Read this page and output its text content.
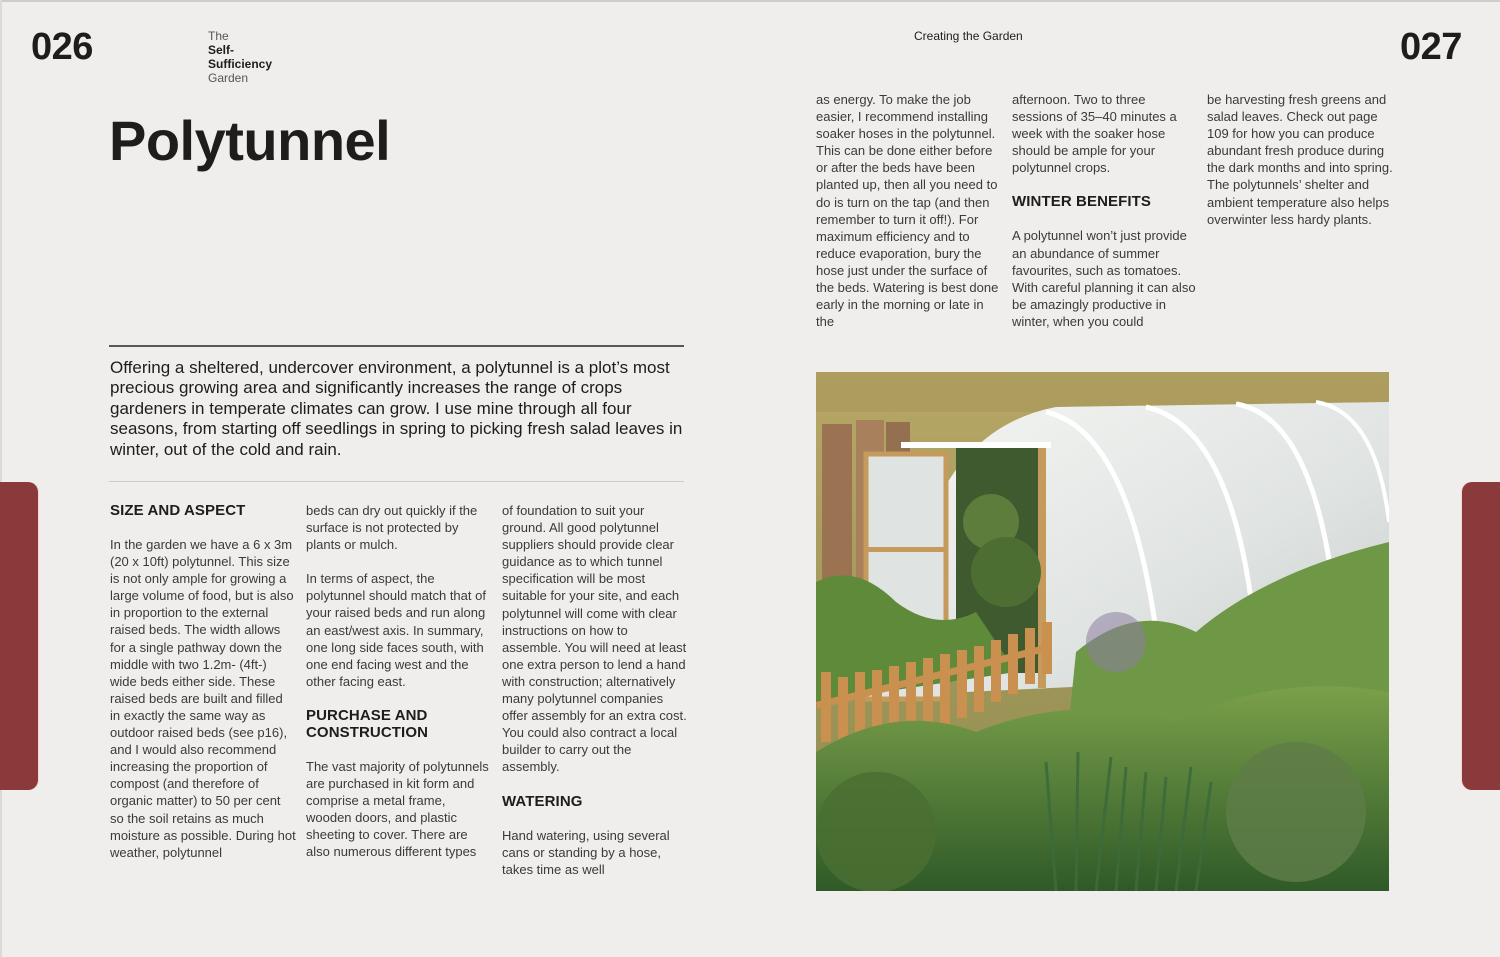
026	The
Self-
Sufficiency
Garden
Polytunnel

Offering a sheltered, undercover environment, a polytunnel is a plot’s most precious growing area and significantly increases the range of crops gardeners in temperate climates can grow. I use mine through all four seasons, from starting off seedlings in spring to picking fresh salad leaves in winter, out of the cold and rain.

SIZE AND ASPECT

In the garden we have a 6 x 3m (20 x 10ft) polytunnel. This size is not only ample for growing a large volume of food, but is also in proportion to the external raised beds. The width allows for a single pathway down the middle with two 1.2m- (4ft-) wide beds either side. These raised beds are built and filled in exactly the same way as outdoor raised beds (see p16), and I would also recommend increasing the proportion of compost (and therefore of organic matter) to 50 per cent so the soil retains as much moisture as possible. During hot weather, polytunnel

beds can dry out quickly if the surface is not protected by plants or mulch.

In terms of aspect, the polytunnel should match that of your raised beds and run along an east/west axis. In summary, one long side faces south, with one end facing west and the other facing east.

PURCHASE AND CONSTRUCTION

The vast majority of polytunnels are purchased in kit form and comprise a metal frame, wooden doors, and plastic sheeting to cover. There are also numerous different types

of foundation to suit your ground. All good polytunnel suppliers should provide clear guidance as to which tunnel specification will be most suitable for your site, and each polytunnel will come with clear instructions on how to assemble. You will need at least one extra person to lend a hand with construction; alternatively many polytunnel companies offer assembly for an extra cost. You could also contract a local builder to carry out the assembly.

WATERING

Hand watering, using several cans or standing by a hose, takes time as well

Creating the Garden	027

as energy. To make the job easier, I recommend installing soaker hoses in the polytunnel. This can be done either before or after the beds have been planted up, then all you need to do is turn on the tap (and then remember to turn it off!). For maximum efficiency and to reduce evaporation, bury the hose just under the surface of the beds. Watering is best done early in the morning or late in the

afternoon. Two to three sessions of 35–40 minutes a week with the soaker hose should be ample for your polytunnel crops.

WINTER BENEFITS

A polytunnel won’t just provide an abundance of summer favourites, such as tomatoes. With careful planning it can also be amazingly productive in winter, when you could

be harvesting fresh greens and salad leaves. Check out page 109 for how you can produce abundant fresh produce during the dark months and into spring. The polytunnels’ shelter and ambient temperature also helps overwinter less hardy plants.
